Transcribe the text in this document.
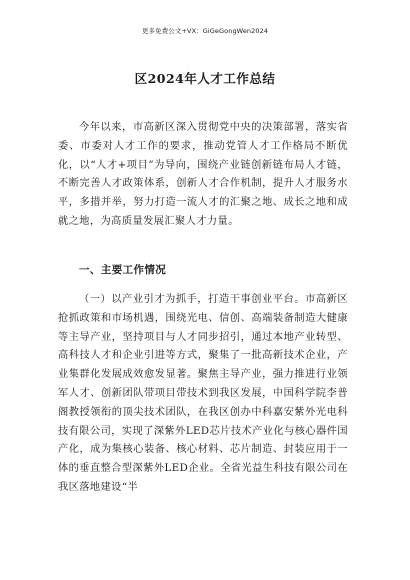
更多免费公文+VX：GiGeGongWen2024
区2024年人才工作总结

今年以来，市高新区深入贯彻党中央的决策部署，落实省委、市委对人才工作的要求，推动党管人才工作格局不断优化，以“人才+项目”为导向，围绕产业链创新链布局人才链，不断完善人才政策体系，创新人才合作机制，提升人才服务水平，多措并举，努力打造一流人才的汇聚之地、成长之地和成就之地，为高质量发展汇聚人才力量。

一、主要工作情况

（一）以产业引才为抓手，打造干事创业平台。市高新区抢抓政策和市场机遇，围绕光电、信创、高端装备制造大健康等主导产业，坚持项目与人才同步招引，通过本地产业转型、高科技人才和企业引进等方式，聚集了一批高新技术企业，产业集群化发展成效愈发显著。聚焦主导产业，强力推进行业领军人才、创新团队带项目带技术到我区发展，中国科学院李普阁教授领衔的顶尖技术团队，在我区创办中科嘉安紫外光电科技有限公司，实现了深紫外LED芯片技术产业化与核心器件国产化，成为集核心装备、核心材料、芯片制造、封装应用于一体的垂直整合型深紫外LED企业。全省光益生科技有限公司在我区落地建设“半
